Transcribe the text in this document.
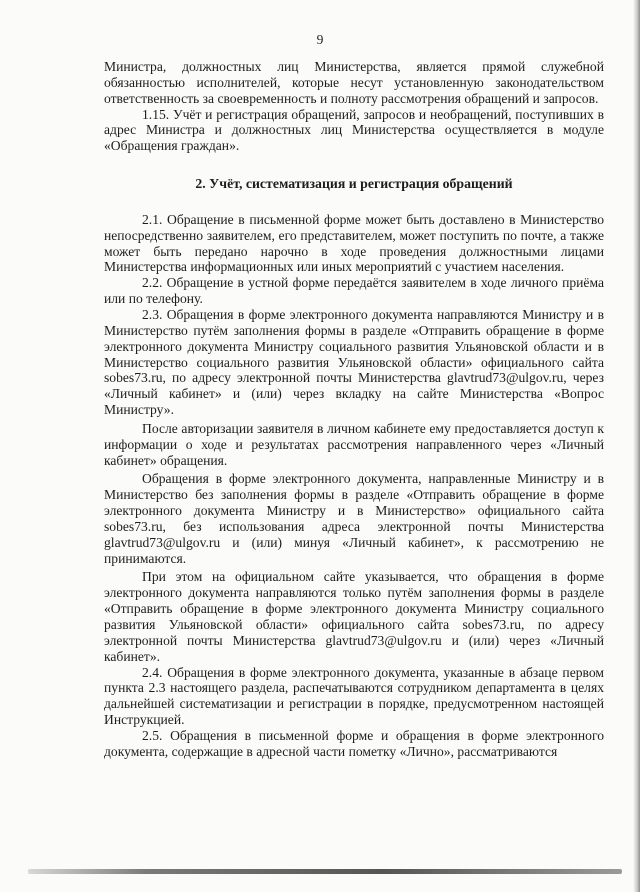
9

Министра, должностных лиц Министерства, является прямой служебной обязанностью исполнителей, которые несут установленную законодательством ответственность за своевременность и полноту рассмотрения обращений и запросов.

1.15. Учёт и регистрация обращений, запросов и необращений, поступивших в адрес Министра и должностных лиц Министерства осуществляется в модуле «Обращения граждан».

2. Учёт, систематизация и регистрация обращений

2.1. Обращение в письменной форме может быть доставлено в Министерство непосредственно заявителем, его представителем, может поступить по почте, а также может быть передано нарочно в ходе проведения должностными лицами Министерства информационных или иных мероприятий с участием населения.

2.2. Обращение в устной форме передаётся заявителем в ходе личного приёма или по телефону.

2.3. Обращения в форме электронного документа направляются Министру и в Министерство путём заполнения формы в разделе «Отправить обращение в форме электронного документа Министру социального развития Ульяновской области и в Министерство социального развития Ульяновской области» официального сайта sobes73.ru, по адресу электронной почты Министерства glavtrud73@ulgov.ru, через «Личный кабинет» и (или) через вкладку на сайте Министерства «Вопрос Министру».

После авторизации заявителя в личном кабинете ему предоставляется доступ к информации о ходе и результатах рассмотрения направленного через «Личный кабинет» обращения.

Обращения в форме электронного документа, направленные Министру и в Министерство без заполнения формы в разделе «Отправить обращение в форме электронного документа Министру и в Министерство» официального сайта sobes73.ru, без использования адреса электронной почты Министерства glavtrud73@ulgov.ru и (или) минуя «Личный кабинет», к рассмотрению не принимаются.

При этом на официальном сайте указывается, что обращения в форме электронного документа направляются только путём заполнения формы в разделе «Отправить обращение в форме электронного документа Министру социального развития Ульяновской области» официального сайта sobes73.ru, по адресу электронной почты Министерства glavtrud73@ulgov.ru и (или) через «Личный кабинет».

2.4. Обращения в форме электронного документа, указанные в абзаце первом пункта 2.3 настоящего раздела, распечатываются сотрудником департамента в целях дальнейшей систематизации и регистрации в порядке, предусмотренном настоящей Инструкцией.

2.5. Обращения в письменной форме и обращения в форме электронного документа, содержащие в адресной части пометку «Лично», рассматриваются
